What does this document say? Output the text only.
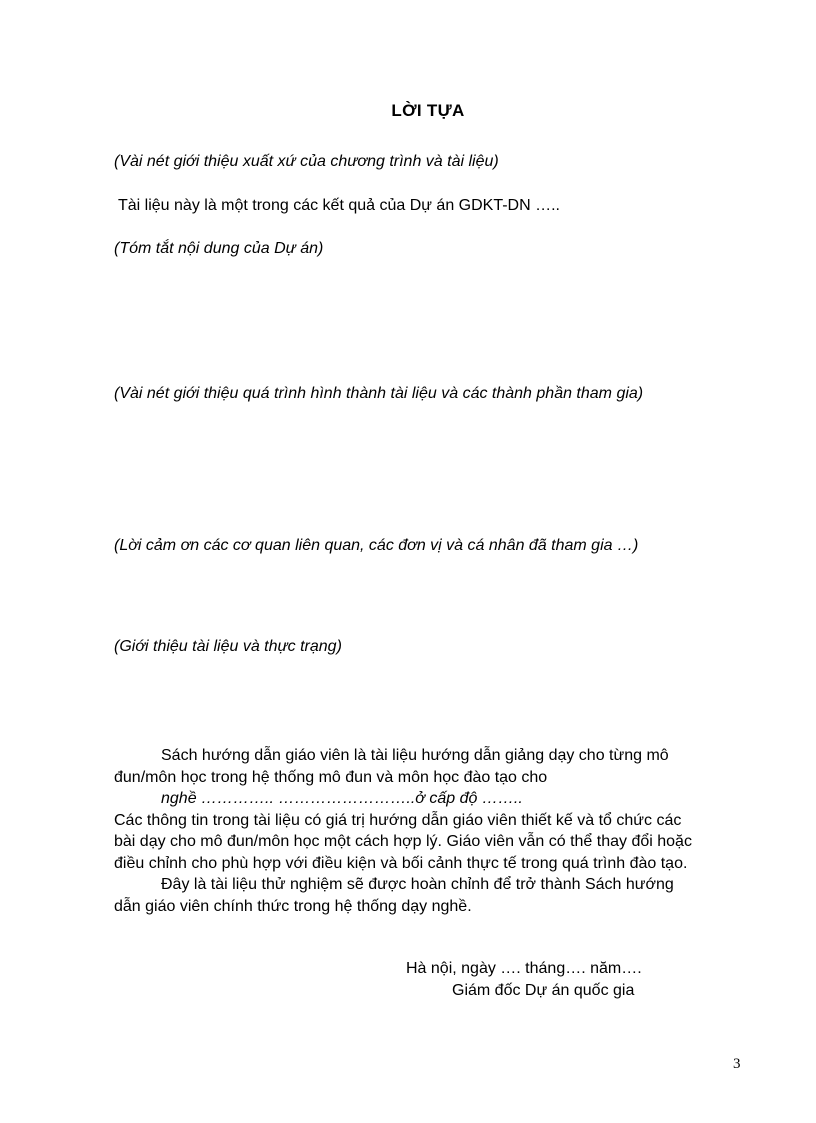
LỜI TỰA
(Vài nét giới thiệu xuất xứ của chương trình và tài liệu)
Tài liệu này là một trong các kết quả của Dự án GDKT-DN …..
(Tóm tắt nội dung của Dự án)
(Vài nét giới thiệu quá trình hình thành tài liệu và các thành phần tham gia)
(Lời cảm ơn các cơ quan liên quan, các đơn vị và cá nhân đã tham gia …)
(Giới thiệu tài liệu và thực trạng)
Sách hướng dẫn giáo viên là tài liệu hướng dẫn giảng dạy cho từng mô
đun/môn học trong hệ thống mô đun và môn học đào tạo cho
nghề ………….. ……………………..ở cấp độ ……..
Các thông tin trong tài liệu có giá trị hướng dẫn giáo viên thiết kế và tổ chức các
bài dạy cho mô đun/môn học một cách hợp lý. Giáo viên vẫn có thể thay đổi hoặc
điều chỉnh cho phù hợp với điều kiện và bối cảnh thực tế trong quá trình đào tạo.
Đây là tài liệu thử nghiệm sẽ được hoàn chỉnh để trở thành Sách hướng
dẫn giáo viên chính thức trong hệ thống dạy nghề.
Hà nội, ngày …. tháng…. năm….
Giám đốc Dự án quốc gia
3
